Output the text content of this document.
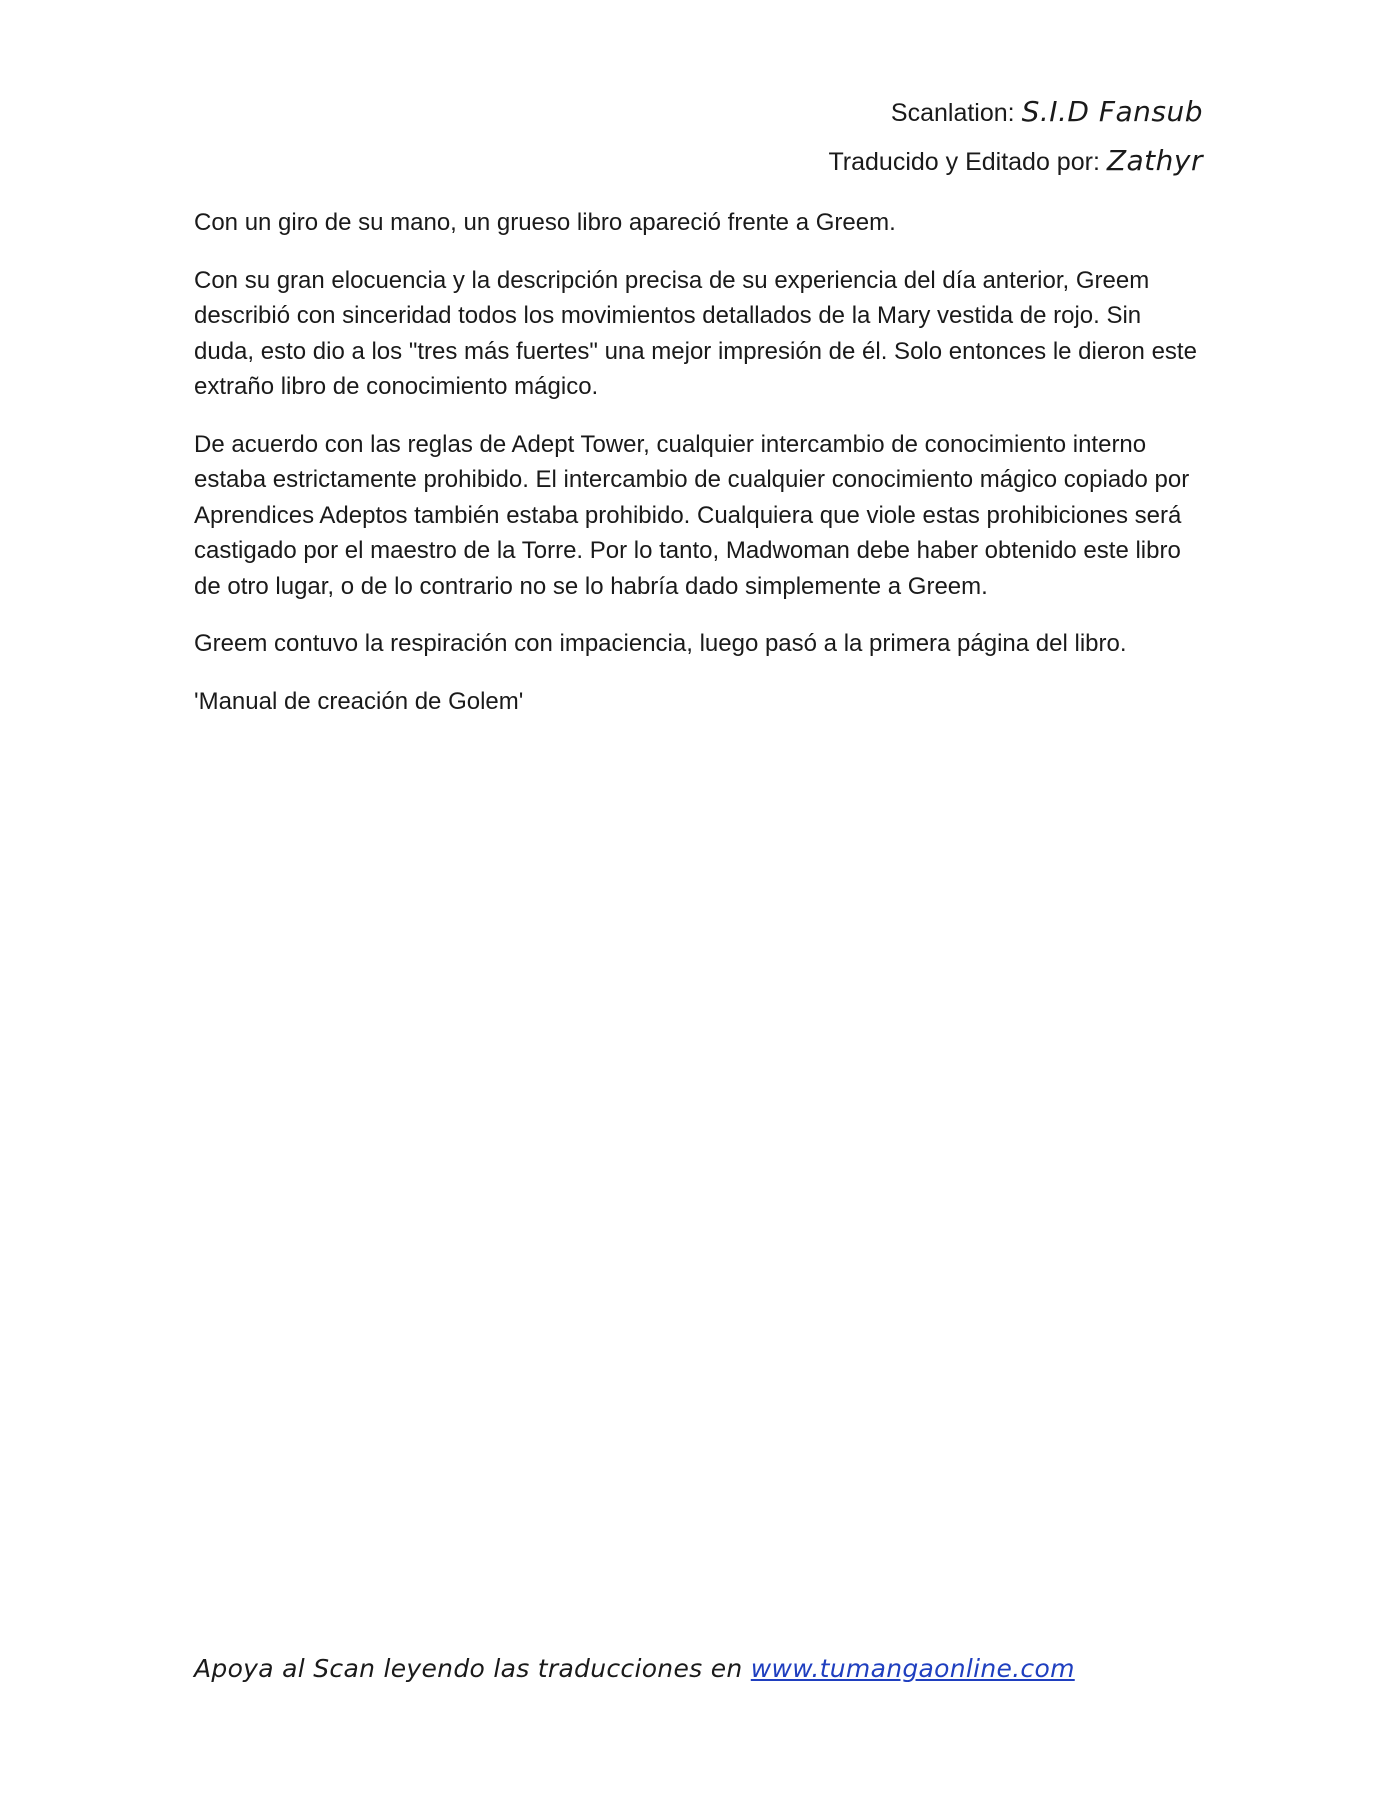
Scanlation: S.I.D Fansub
Traducido y Editado por: Zathyr

Con un giro de su mano, un grueso libro apareció frente a Greem.

Con su gran elocuencia y la descripción precisa de su experiencia del día anterior, Greem describió con sinceridad todos los movimientos detallados de la Mary vestida de rojo. Sin duda, esto dio a los "tres más fuertes" una mejor impresión de él. Solo entonces le dieron este extraño libro de conocimiento mágico.

De acuerdo con las reglas de Adept Tower, cualquier intercambio de conocimiento interno estaba estrictamente prohibido. El intercambio de cualquier conocimiento mágico copiado por Aprendices Adeptos también estaba prohibido. Cualquiera que viole estas prohibiciones será castigado por el maestro de la Torre. Por lo tanto, Madwoman debe haber obtenido este libro de otro lugar, o de lo contrario no se lo habría dado simplemente a Greem.

Greem contuvo la respiración con impaciencia, luego pasó a la primera página del libro.

'Manual de creación de Golem'

Apoya al Scan leyendo las traducciones en www.tumangaonline.com
